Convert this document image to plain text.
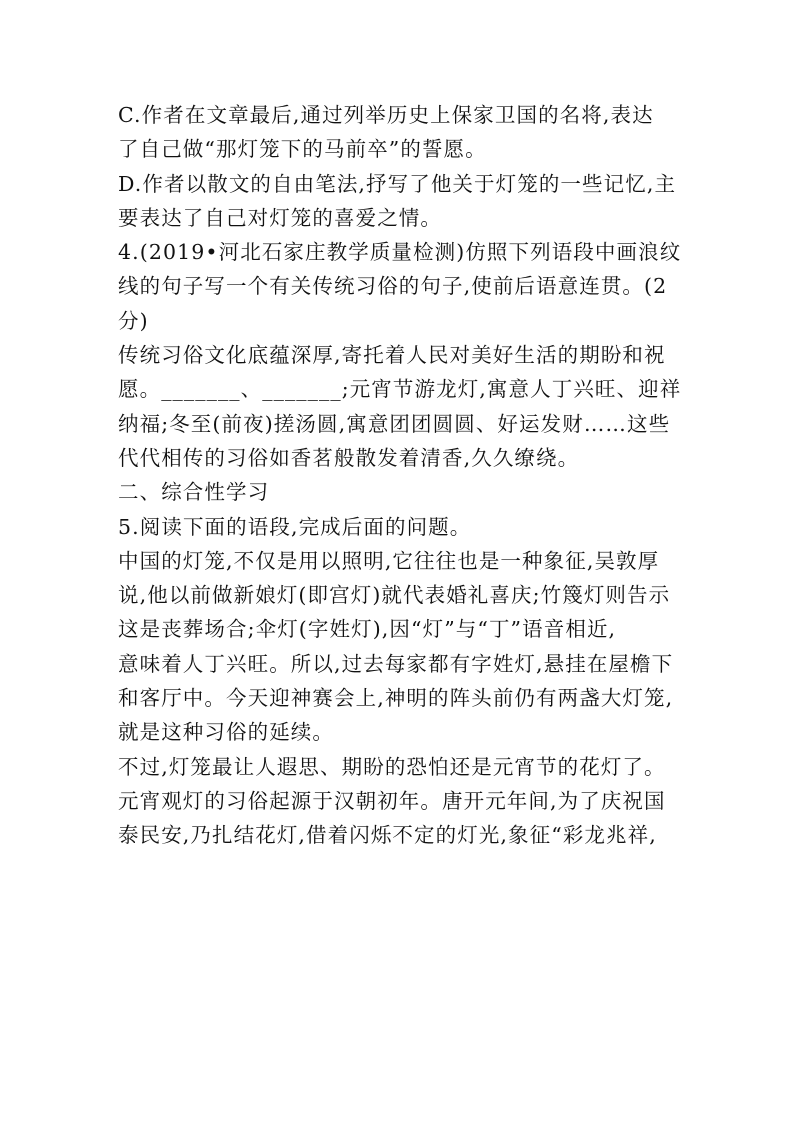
C.作者在文章最后,通过列举历史上保家卫国的名将,表达
了自己做“那灯笼下的马前卒”的誓愿。
D.作者以散文的自由笔法,抒写了他关于灯笼的一些记忆,主
要表达了自己对灯笼的喜爱之情。
4.(2019•河北石家庄教学质量检测)仿照下列语段中画浪纹
线的句子写一个有关传统习俗的句子,使前后语意连贯。(2
分)
传统习俗文化底蕴深厚,寄托着人民对美好生活的期盼和祝
愿。_______、_______;元宵节游龙灯,寓意人丁兴旺、迎祥
纳福;冬至(前夜)搓汤圆,寓意团团圆圆、好运发财……这些
代代相传的习俗如香茗般散发着清香,久久缭绕。
二、综合性学习
5.阅读下面的语段,完成后面的问题。
中国的灯笼,不仅是用以照明,它往往也是一种象征,吴敦厚
说,他以前做新娘灯(即宫灯)就代表婚礼喜庆;竹篾灯则告示
这是丧葬场合;伞灯(字姓灯),因“灯”与“丁”语音相近,
意味着人丁兴旺。所以,过去每家都有字姓灯,悬挂在屋檐下
和客厅中。今天迎神赛会上,神明的阵头前仍有两盏大灯笼,
就是这种习俗的延续。
不过,灯笼最让人遐思、期盼的恐怕还是元宵节的花灯了。
元宵观灯的习俗起源于汉朝初年。唐开元年间,为了庆祝国
泰民安,乃扎结花灯,借着闪烁不定的灯光,象征“彩龙兆祥,
